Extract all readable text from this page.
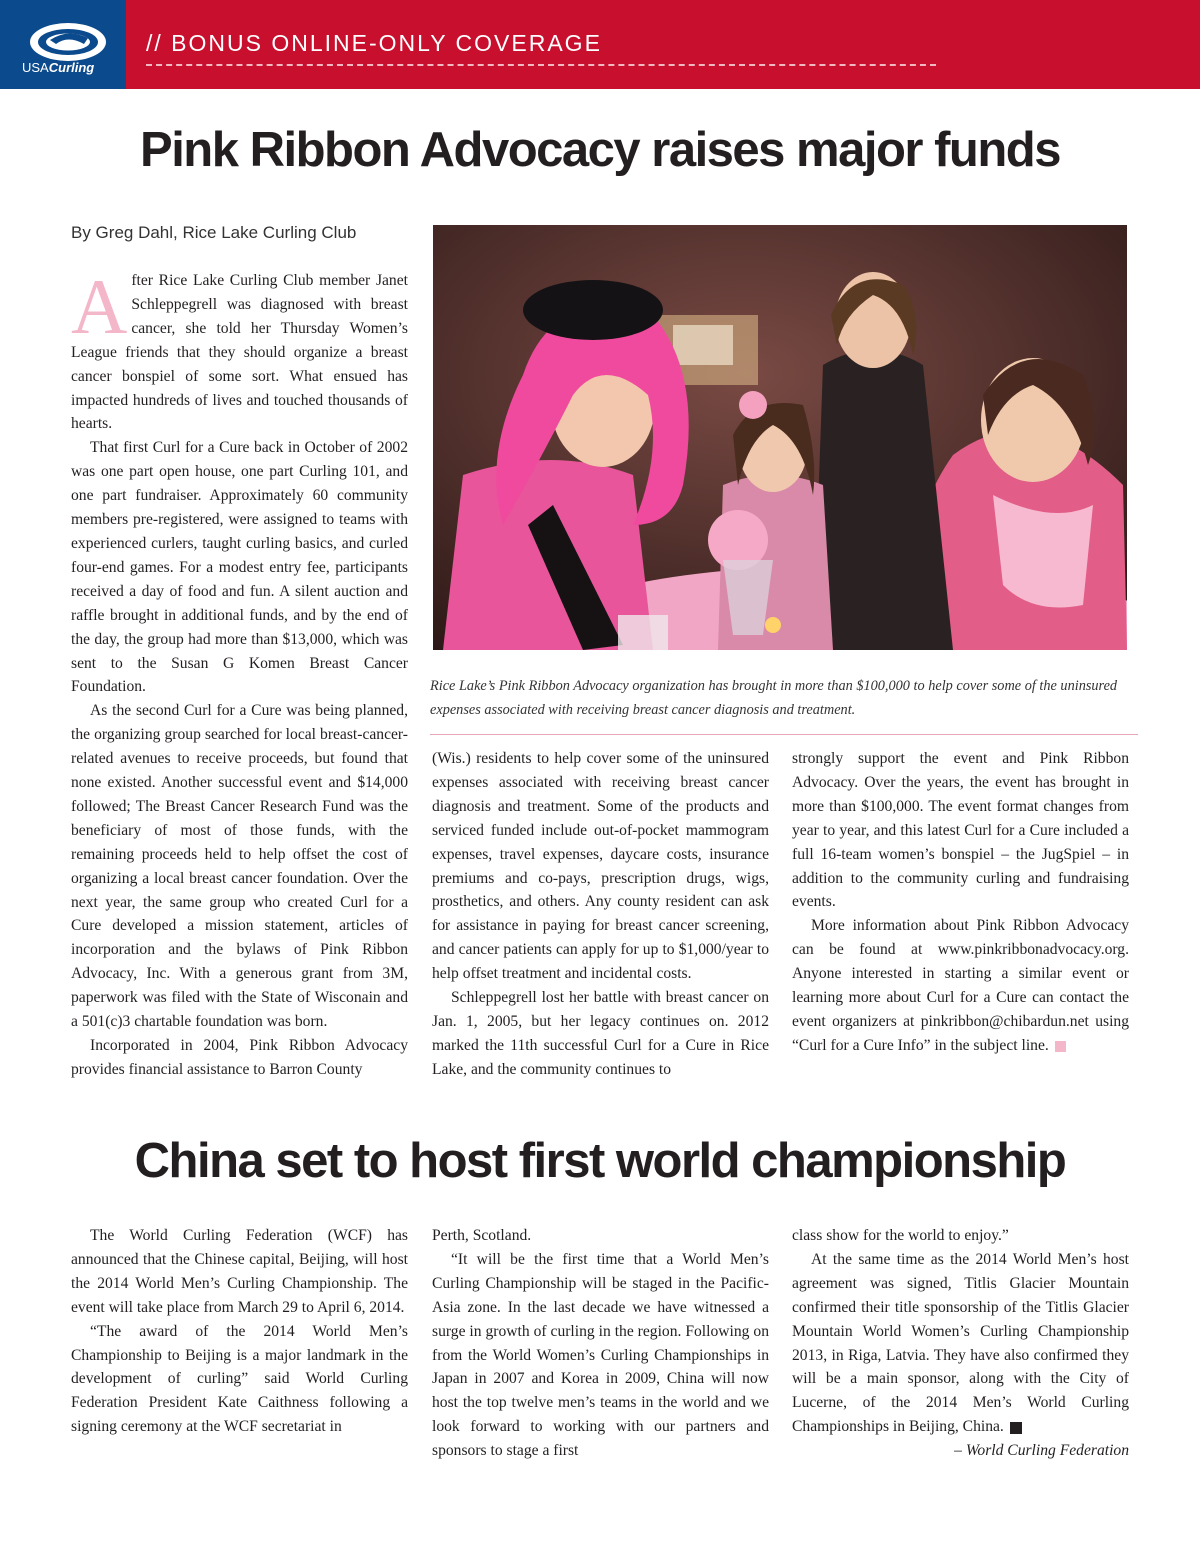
USACurling
// BONUS ONLINE-ONLY COVERAGE
Pink Ribbon Advocacy raises major funds
By Greg Dahl, Rice Lake Curling Club

After Rice Lake Curling Club member Janet Schleppegrell was diagnosed with breast cancer, she told her Thursday Women’s League friends that they should organize a breast cancer bonspiel of some sort. What ensued has impacted hundreds of lives and touched thousands of hearts.

That first Curl for a Cure back in October of 2002 was one part open house, one part Curling 101, and one part fundraiser. Approximately 60 community members pre-registered, were assigned to teams with experienced curlers, taught curling basics, and curled four-end games. For a modest entry fee, participants received a day of food and fun. A silent auction and raffle brought in additional funds, and by the end of the day, the group had more than $13,000, which was sent to the Susan G Komen Breast Cancer Foundation.

As the second Curl for a Cure was being planned, the organizing group searched for local breast-cancer-related avenues to receive proceeds, but found that none existed. Another successful event and $14,000 followed; The Breast Cancer Research Fund was the beneficiary of most of those funds, with the remaining proceeds held to help offset the cost of organizing a local breast cancer foundation. Over the next year, the same group who created Curl for a Cure developed a mission statement, articles of incorporation and the bylaws of Pink Ribbon Advocacy, Inc. With a generous grant from 3M, paperwork was filed with the State of Wisconain and a 501(c)3 chartable foundation was born.

Incorporated in 2004, Pink Ribbon Advocacy provides financial assistance to Barron County

Rice Lake’s Pink Ribbon Advocacy organization has brought in more than $100,000 to help cover some of the uninsured expenses associated with receiving breast cancer diagnosis and treatment.

(Wis.) residents to help cover some of the uninsured expenses associated with receiving breast cancer diagnosis and treatment. Some of the products and serviced funded include out-of-pocket mammogram expenses, travel expenses, daycare costs, insurance premiums and co-pays, prescription drugs, wigs, prosthetics, and others. Any county resident can ask for assistance in paying for breast cancer screening, and cancer patients can apply for up to $1,000/year to help offset treatment and incidental costs.

Schleppegrell lost her battle with breast cancer on Jan. 1, 2005, but her legacy continues on. 2012 marked the 11th successful Curl for a Cure in Rice Lake, and the community continues to

strongly support the event and Pink Ribbon Advocacy. Over the years, the event has brought in more than $100,000. The event format changes from year to year, and this latest Curl for a Cure included a full 16-team women’s bonspiel – the JugSpiel – in addition to the community curling and fundraising events.

More information about Pink Ribbon Advocacy can be found at www.pinkribbonadvocacy.org. Anyone interested in starting a similar event or learning more about Curl for a Cure can contact the event organizers at pinkribbon@chibardun.net using “Curl for a Cure Info” in the subject line.

China set to host first world championship

The World Curling Federation (WCF) has announced that the Chinese capital, Beijing, will host the 2014 World Men’s Curling Championship. The event will take place from March 29 to April 6, 2014.

“The award of the 2014 World Men’s Championship to Beijing is a major landmark in the development of curling” said World Curling Federation President Kate Caithness following a signing ceremony at the WCF secretariat in

Perth, Scotland.

“It will be the first time that a World Men’s Curling Championship will be staged in the Pacific-Asia zone. In the last decade we have witnessed a surge in growth of curling in the region. Following on from the World Women’s Curling Championships in Japan in 2007 and Korea in 2009, China will now host the top twelve men’s teams in the world and we look forward to working with our partners and sponsors to stage a first

class show for the world to enjoy.”

At the same time as the 2014 World Men’s host agreement was signed, Titlis Glacier Mountain confirmed their title sponsorship of the Titlis Glacier Mountain World Women’s Curling Championship 2013, in Riga, Latvia. They have also confirmed they will be a main sponsor, along with the City of Lucerne, of the 2014 Men’s World Curling Championships in Beijing, China.

– World Curling Federation
